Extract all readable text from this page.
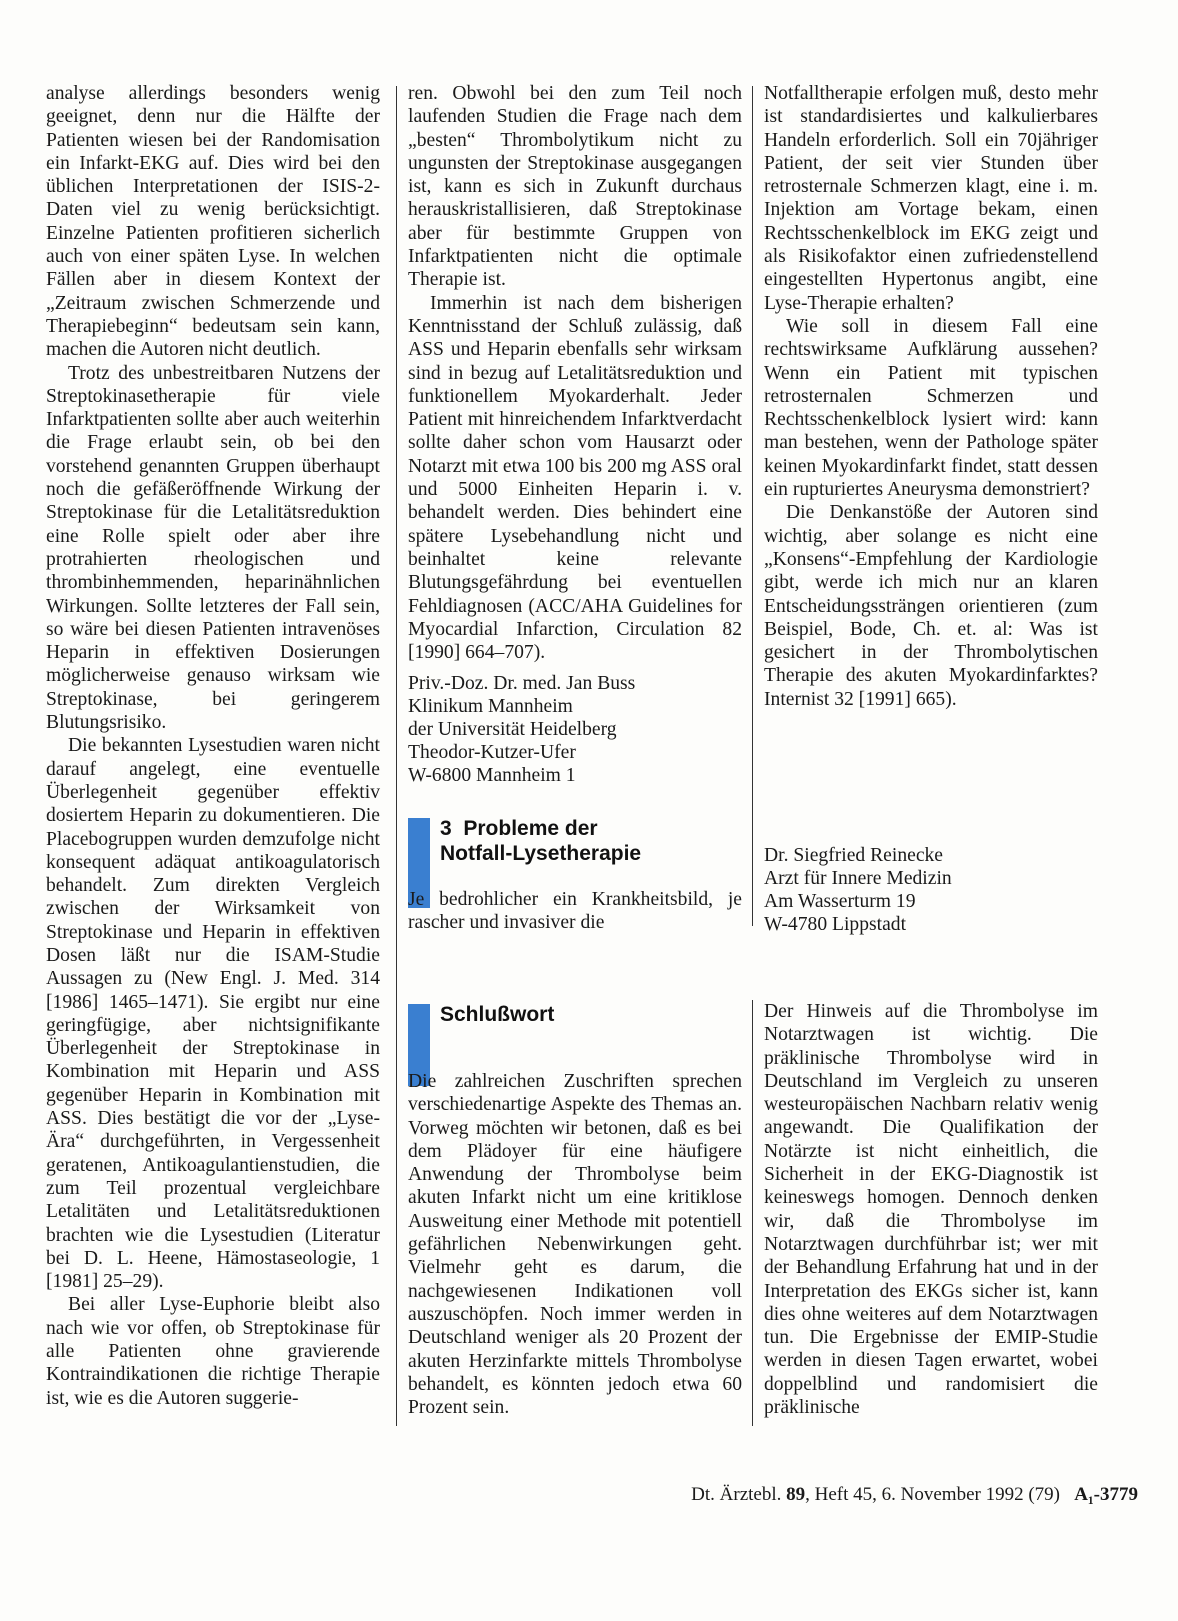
analyse allerdings besonders wenig geeignet, denn nur die Hälfte der Patienten wiesen bei der Randomisation ein Infarkt-EKG auf. Dies wird bei den üblichen Interpretationen der ISIS-2-Daten viel zu wenig berücksichtigt. Einzelne Patienten profitieren sicherlich auch von einer späten Lyse. In welchen Fällen aber in diesem Kontext der „Zeitraum zwischen Schmerzende und Therapiebeginn“ bedeutsam sein kann, machen die Autoren nicht deutlich.

Trotz des unbestreitbaren Nutzens der Streptokinasetherapie für viele Infarktpatienten sollte aber auch weiterhin die Frage erlaubt sein, ob bei den vorstehend genannten Gruppen überhaupt noch die gefäßeröffnende Wirkung der Streptokinase für die Letalitätsreduktion eine Rolle spielt oder aber ihre protrahierten rheologischen und thrombinhemmenden, heparinähnlichen Wirkungen. Sollte letzteres der Fall sein, so wäre bei diesen Patienten intravenöses Heparin in effektiven Dosierungen möglicherweise genauso wirksam wie Streptokinase, bei geringerem Blutungsrisiko.

Die bekannten Lysestudien waren nicht darauf angelegt, eine eventuelle Überlegenheit gegenüber effektiv dosiertem Heparin zu dokumentieren. Die Placebogruppen wurden demzufolge nicht konsequent adäquat antikoagulatorisch behandelt. Zum direkten Vergleich zwischen der Wirksamkeit von Streptokinase und Heparin in effektiven Dosen läßt nur die ISAM-Studie Aussagen zu (New Engl. J. Med. 314 [1986] 1465–1471). Sie ergibt nur eine geringfügige, aber nichtsignifikante Überlegenheit der Streptokinase in Kombination mit Heparin und ASS gegenüber Heparin in Kombination mit ASS. Dies bestätigt die vor der „Lyse-Ära“ durchgeführten, in Vergessenheit geratenen, Antikoagulantienstudien, die zum Teil prozentual vergleichbare Letalitäten und Letalitätsreduktionen brachten wie die Lysestudien (Literatur bei D. L. Heene, Hämostaseologie, 1 [1981] 25–29).

Bei aller Lyse-Euphorie bleibt also nach wie vor offen, ob Streptokinase für alle Patienten ohne gravierende Kontraindikationen die richtige Therapie ist, wie es die Autoren suggerie-

ren. Obwohl bei den zum Teil noch laufenden Studien die Frage nach dem „besten“ Thrombolytikum nicht zu ungunsten der Streptokinase ausgegangen ist, kann es sich in Zukunft durchaus herauskristallisieren, daß Streptokinase aber für bestimmte Gruppen von Infarktpatienten nicht die optimale Therapie ist.

Immerhin ist nach dem bisherigen Kenntnisstand der Schluß zulässig, daß ASS und Heparin ebenfalls sehr wirksam sind in bezug auf Letalitätsreduktion und funktionellem Myokarderhalt. Jeder Patient mit hinreichendem Infarktverdacht sollte daher schon vom Hausarzt oder Notarzt mit etwa 100 bis 200 mg ASS oral und 5000 Einheiten Heparin i. v. behandelt werden. Dies behindert eine spätere Lysebehandlung nicht und beinhaltet keine relevante Blutungsgefährdung bei eventuellen Fehldiagnosen (ACC/AHA Guidelines for Myocardial Infarction, Circulation 82 [1990] 664–707).

Priv.-Doz. Dr. med. Jan Buss
Klinikum Mannheim
der Universität Heidelberg
Theodor-Kutzer-Ufer
W-6800 Mannheim 1
3 Probleme der
Notfall-Lysetherapie

Je bedrohlicher ein Krankheitsbild, je rascher und invasiver die

Notfalltherapie erfolgen muß, desto mehr ist standardisiertes und kalkulierbares Handeln erforderlich. Soll ein 70jähriger Patient, der seit vier Stunden über retrosternale Schmerzen klagt, eine i. m. Injektion am Vortage bekam, einen Rechtsschenkelblock im EKG zeigt und als Risikofaktor einen zufriedenstellend eingestellten Hypertonus angibt, eine Lyse-Therapie erhalten?

Wie soll in diesem Fall eine rechtswirksame Aufklärung aussehen? Wenn ein Patient mit typischen retrosternalen Schmerzen und Rechtsschenkelblock lysiert wird: kann man bestehen, wenn der Pathologe später keinen Myokardinfarkt findet, statt dessen ein rupturiertes Aneurysma demonstriert?

Die Denkanstöße der Autoren sind wichtig, aber solange es nicht eine „Konsens“-Empfehlung der Kardiologie gibt, werde ich mich nur an klaren Entscheidungssträngen orientieren (zum Beispiel, Bode, Ch. et. al: Was ist gesichert in der Thrombolytischen Therapie des akuten Myokardinfarktes? Internist 32 [1991] 665).

Dr. Siegfried Reinecke
Arzt für Innere Medizin
Am Wasserturm 19
W-4780 Lippstadt
Schlußwort

Die zahlreichen Zuschriften sprechen verschiedenartige Aspekte des Themas an. Vorweg möchten wir betonen, daß es bei dem Plädoyer für eine häufigere Anwendung der Thrombolyse beim akuten Infarkt nicht um eine kritiklose Ausweitung einer Methode mit potentiell gefährlichen Nebenwirkungen geht. Vielmehr geht es darum, die nachgewiesenen Indikationen voll auszuschöpfen. Noch immer werden in Deutschland weniger als 20 Prozent der akuten Herzinfarkte mittels Thrombolyse behandelt, es könnten jedoch etwa 60 Prozent sein.

Der Hinweis auf die Thrombolyse im Notarztwagen ist wichtig. Die präklinische Thrombolyse wird in Deutschland im Vergleich zu unseren westeuropäischen Nachbarn relativ wenig angewandt. Die Qualifikation der Notärzte ist nicht einheitlich, die Sicherheit in der EKG-Diagnostik ist keineswegs homogen. Dennoch denken wir, daß die Thrombolyse im Notarztwagen durchführbar ist; wer mit der Behandlung Erfahrung hat und in der Interpretation des EKGs sicher ist, kann dies ohne weiteres auf dem Notarztwagen tun. Die Ergebnisse der EMIP-Studie werden in diesen Tagen erwartet, wobei doppelblind und randomisiert die präklinische

Dt. Ärztebl. 89, Heft 45, 6. November 1992 (79) A₁-3779
